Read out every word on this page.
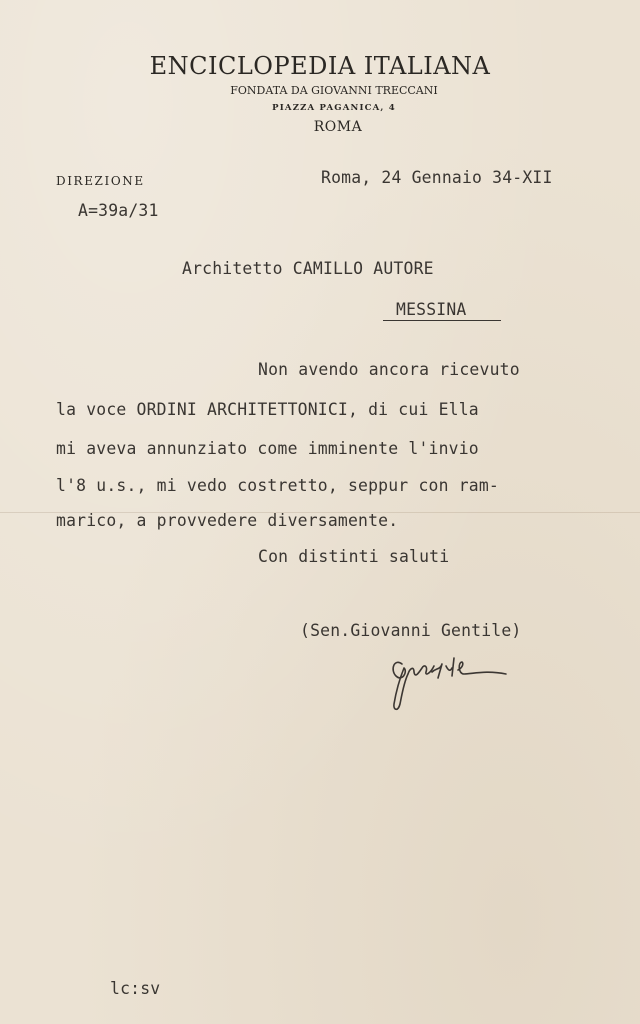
ENCICLOPEDIA ITALIANA
FONDATA DA GIOVANNI TRECCANI
PIAZZA PAGANICA, 4
ROMA
DIREZIONE
A=39a/31
Roma, 24 Gennaio 34-XII
Architetto CAMILLO AUTORE
MESSINA
Non avendo ancora ricevuto
la voce ORDINI ARCHITETTONICI, di cui Ella
mi aveva annunziato come imminente l'invio
l'8 u.s., mi vedo costretto, seppur con ram-
marico, a provvedere diversamente.
Con distinti saluti
(Sen.Giovanni Gentile)
lc:sv
